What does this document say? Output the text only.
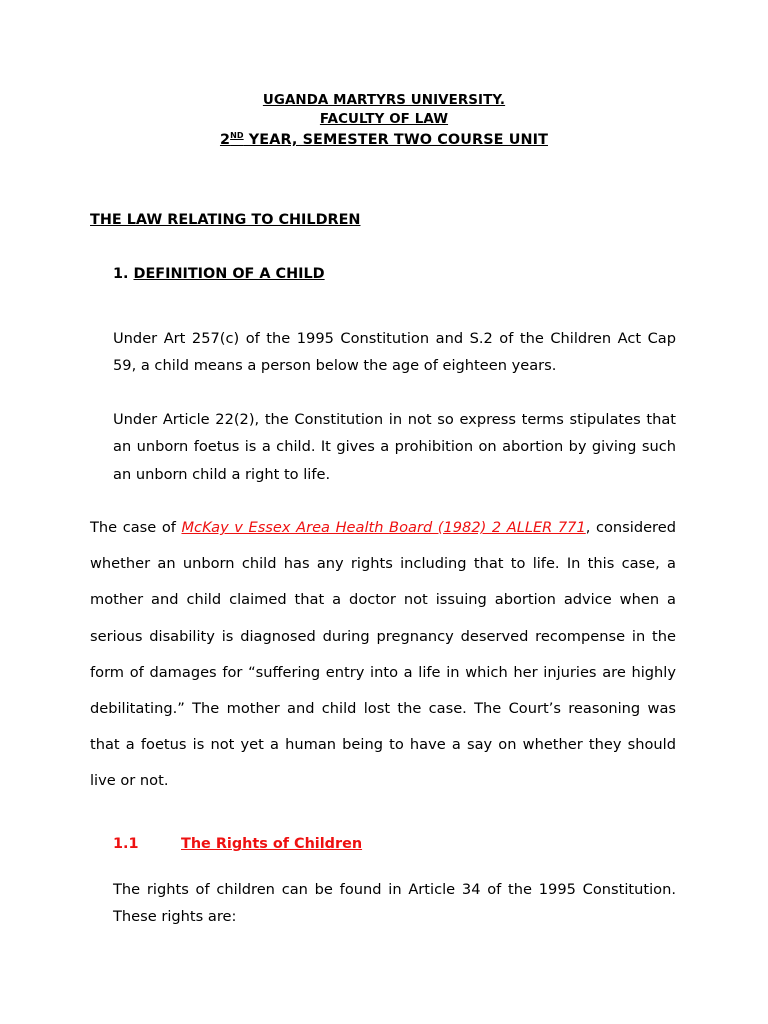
UGANDA MARTYRS UNIVERSITY.
FACULTY OF LAW
2ND YEAR, SEMESTER TWO COURSE UNIT
THE LAW RELATING TO CHILDREN
1. DEFINITION OF A CHILD
Under Art 257(c) of the 1995 Constitution and S.2 of the Children Act Cap 59, a child means a person below the age of eighteen years.
Under Article 22(2), the Constitution in not so express terms stipulates that an unborn foetus is a child. It gives a prohibition on abortion by giving such an unborn child a right to life.
The case of McKay v Essex Area Health Board (1982) 2 ALLER 771, considered whether an unborn child has any rights including that to life. In this case, a mother and child claimed that a doctor not issuing abortion advice when a serious disability is diagnosed during pregnancy deserved recompense in the form of damages for “suffering entry into a life in which her injuries are highly debilitating.” The mother and child lost the case. The Court’s reasoning was that a foetus is not yet a human being to have a say on whether they should live or not.
1.1	The Rights of Children
The rights of children can be found in Article 34 of the 1995 Constitution. These rights are:
